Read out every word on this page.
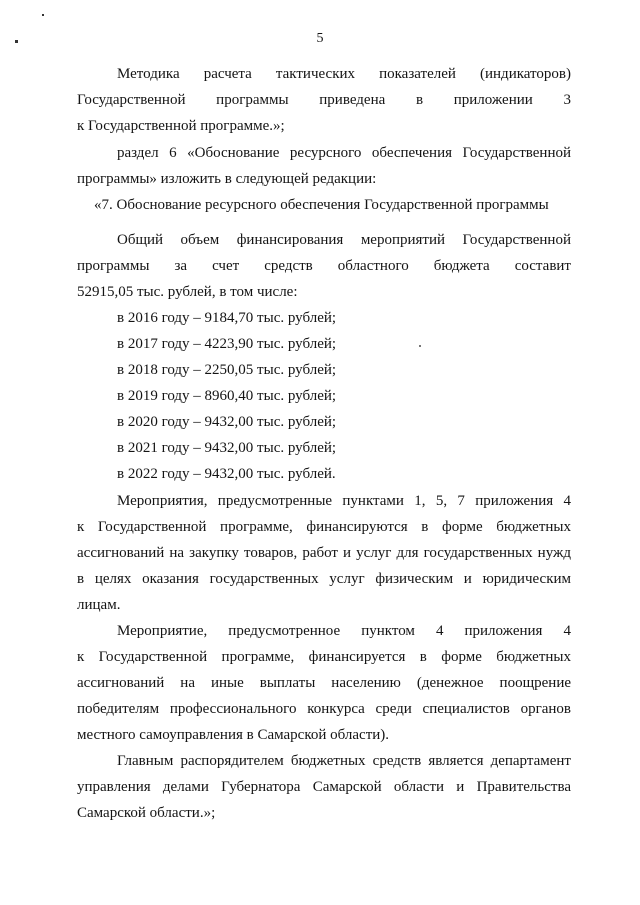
5
Методика расчета тактических показателей (индикаторов)
Государственной программы приведена в приложении 3
к Государственной программе.»;
раздел 6 «Обоснование ресурсного обеспечения Государственной
программы» изложить в следующей редакции:
«7. Обоснование ресурсного обеспечения Государственной программы
Общий объем финансирования мероприятий Государственной
программы за счет средств областного бюджета составит
52915,05 тыс. рублей, в том числе:
в 2016 году – 9184,70 тыс. рублей;
в 2017 году – 4223,90 тыс. рублей;
в 2018 году – 2250,05 тыс. рублей;
в 2019 году – 8960,40 тыс. рублей;
в 2020 году – 9432,00 тыс. рублей;
в 2021 году – 9432,00 тыс. рублей;
в 2022 году – 9432,00 тыс. рублей.
Мероприятия, предусмотренные пунктами 1, 5, 7 приложения 4
к Государственной программе, финансируются в форме бюджетных
ассигнований на закупку товаров, работ и услуг для государственных нужд
в целях оказания государственных услуг физическим и юридическим
лицам.
Мероприятие, предусмотренное пунктом 4 приложения 4
к Государственной программе, финансируется в форме бюджетных
ассигнований на иные выплаты населению (денежное поощрение
победителям профессионального конкурса среди специалистов органов
местного самоуправления в Самарской области).
Главным распорядителем бюджетных средств является департамент
управления делами Губернатора Самарской области и Правительства
Самарской области.»;
